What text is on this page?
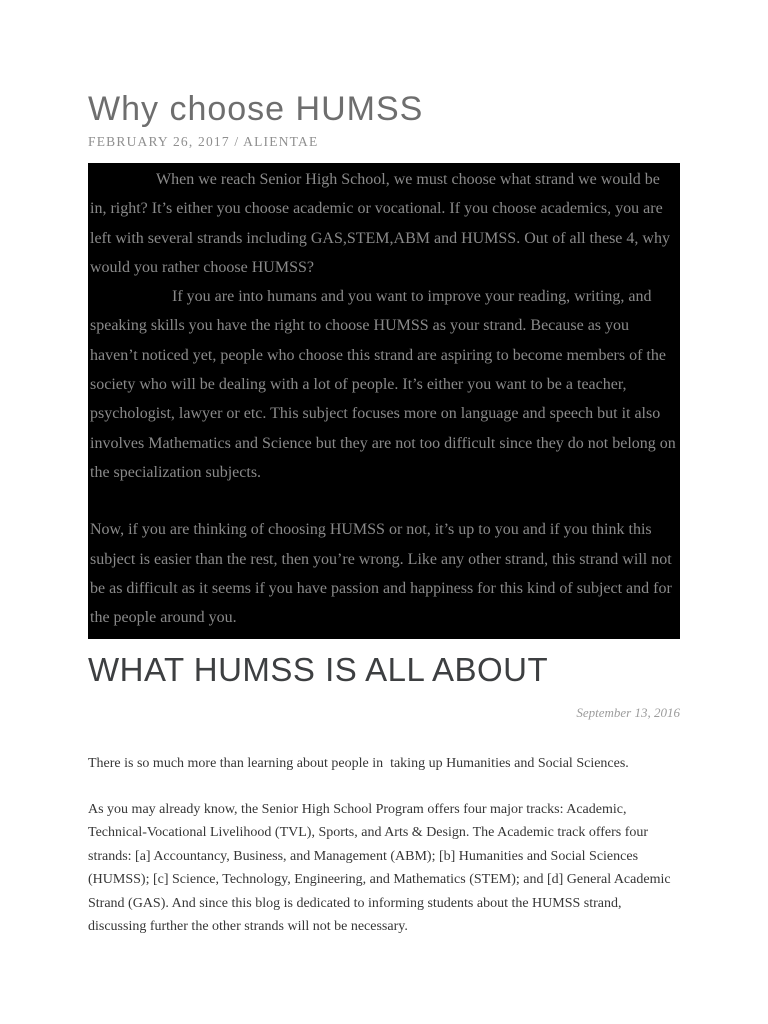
Why choose HUMSS
FEBRUARY 26, 2017 / ALIENTAE

When we reach Senior High School, we must choose what strand we would be in, right? It’s either you choose academic or vocational. If you choose academics, you are left with several strands including GAS,STEM,ABM and HUMSS. Out of all these 4, why would you rather choose HUMSS?

If you are into humans and you want to improve your reading, writing, and speaking skills you have the right to choose HUMSS as your strand. Because as you haven’t noticed yet, people who choose this strand are aspiring to become members of the society who will be dealing with a lot of people. It’s either you want to be a teacher, psychologist, lawyer or etc. This subject focuses more on language and speech but it also involves Mathematics and Science but they are not too difficult since they do not belong on the specialization subjects.

Now, if you are thinking of choosing HUMSS or not, it’s up to you and if you think this subject is easier than the rest, then you’re wrong. Like any other strand, this strand will not be as difficult as it seems if you have passion and happiness for this kind of subject and for the people around you.

WHAT HUMSS IS ALL ABOUT
September 13, 2016

There is so much more than learning about people in  taking up Humanities and Social Sciences.

As you may already know, the Senior High School Program offers four major tracks: Academic, Technical-Vocational Livelihood (TVL), Sports, and Arts & Design. The Academic track offers four strands: [a] Accountancy, Business, and Management (ABM); [b] Humanities and Social Sciences (HUMSS); [c] Science, Technology, Engineering, and Mathematics (STEM); and [d] General Academic Strand (GAS). And since this blog is dedicated to informing students about the HUMSS strand, discussing further the other strands will not be necessary.
